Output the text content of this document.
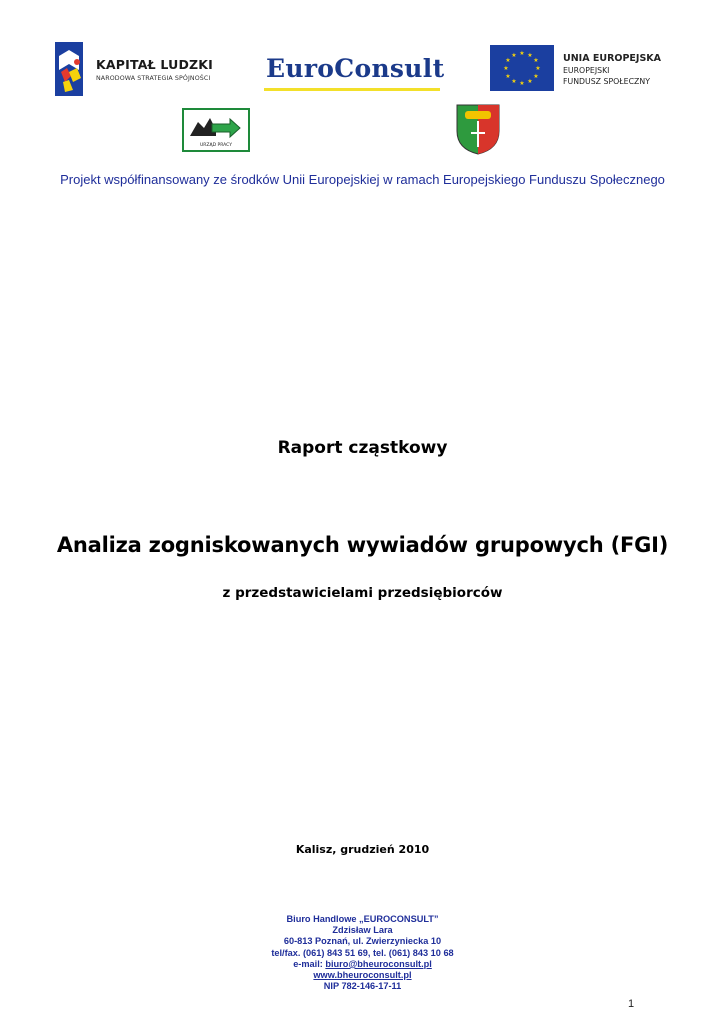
KAPITAŁ LUDZKI
NARODOWA STRATEGIA SPÓJNOŚCI EuroConsult
★ ★
★
★
★
★
★
★
★
★
★
★	UNIA EUROPEJSKA
EUROPEJSKI
FUNDUSZ SPOŁECZNY
URZĄD PRACY
Projekt współfinansowany ze środków Unii Europejskiej w ramach Europejskiego Funduszu Społecznego
Raport cząstkowy
Analiza zogniskowanych wywiadów grupowych (FGI)
z przedstawicielami przedsiębiorców
Kalisz, grudzień 2010
Biuro Handlowe „EUROCONSULT”
Zdzisław Lara
60-813 Poznań, ul. Zwierzyniecka 10
tel/fax. (061) 843 51 69, tel. (061) 843 10 68
e-mail: biuro@bheuroconsult.pl
www.bheuroconsult.pl
NIP 782-146-17-11
1
